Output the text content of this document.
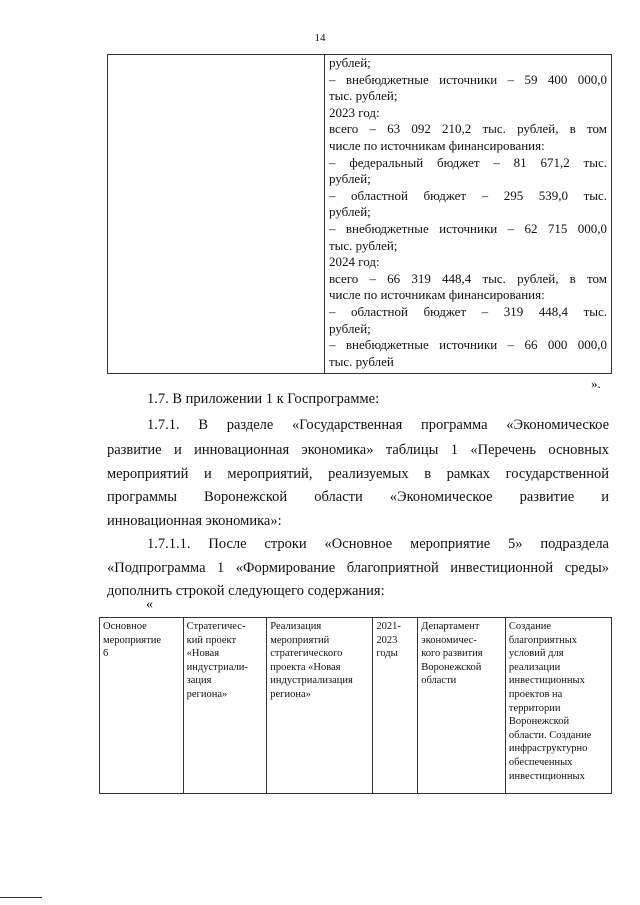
14

рублей;
– внебюджетные источники – 59 400 000,0
тыс. рублей;
2023 год:
всего – 63 092 210,2 тыс. рублей, в том
числе по источникам финансирования:
– федеральный бюджет – 81 671,2 тыс.
рублей;
– областной бюджет – 295 539,0 тыс.
рублей;
– внебюджетные источники – 62 715 000,0
тыс. рублей;
2024 год:
всего – 66 319 448,4 тыс. рублей, в том
числе по источникам финансирования:
– областной бюджет – 319 448,4 тыс.
рублей;
– внебюджетные источники – 66 000 000,0
тыс. рублей
».
1.7. В приложении 1 к Госпрограмме:
1.7.1. В разделе «Государственная программа «Экономическое
развитие и инновационная экономика» таблицы 1 «Перечень основных
мероприятий и мероприятий, реализуемых в рамках государственной
программы Воронежской области «Экономическое развитие и
инновационная экономика»:
1.7.1.1. После строки «Основное мероприятие 5» подраздела
«Подпрограмма 1 «Формирование благоприятной инвестиционной среды»
дополнить строкой следующего содержания:
«
Основное
мероприятие
6

Стратегичес-
кий проект
«Новая
индустриали-
зация
региона»

Реализация
мероприятий
стратегического
проекта «Новая
индустриализация
региона»

2021-
2023
годы

Департамент
экономичес-
кого развития
Воронежской
области

Создание
благоприятных
условий для
реализации
инвестиционных
проектов на
территории
Воронежской
области. Создание
инфраструктурно
обеспеченных
инвестиционных
